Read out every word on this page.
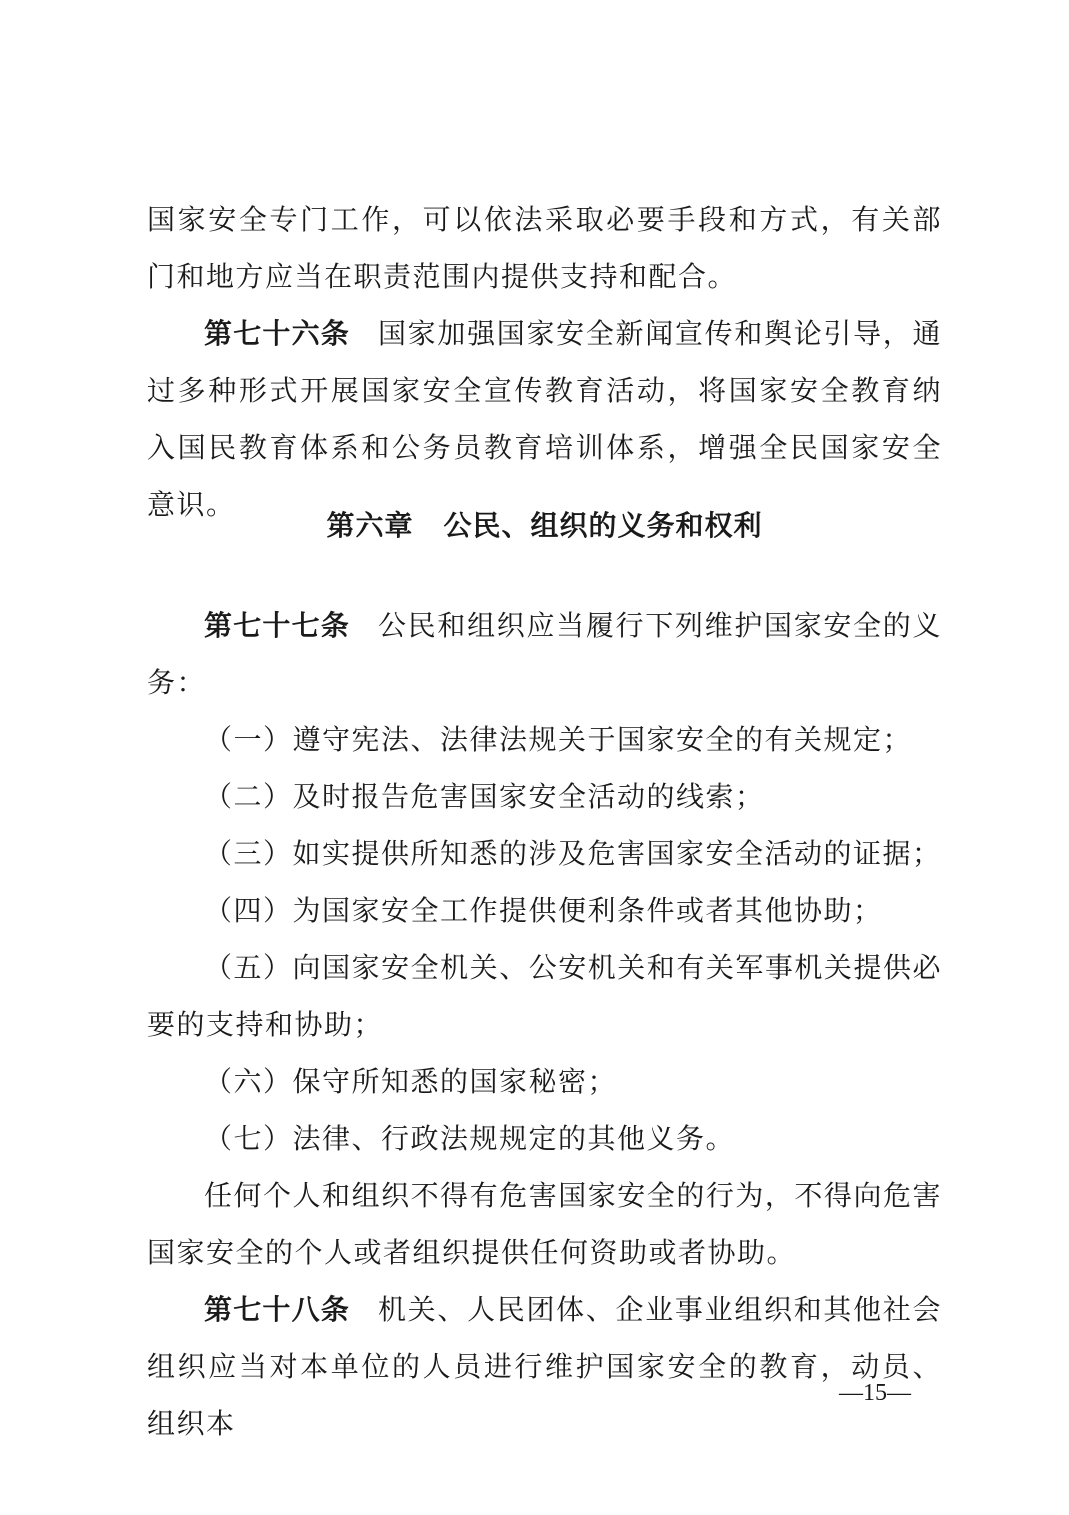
国家安全专门工作，可以依法采取必要手段和方式，有关部门和地方应当在职责范围内提供支持和配合。

第七十六条 国家加强国家安全新闻宣传和舆论引导，通过多种形式开展国家安全宣传教育活动，将国家安全教育纳入国民教育体系和公务员教育培训体系，增强全民国家安全意识。

第六章 公民、组织的义务和权利

第七十七条 公民和组织应当履行下列维护国家安全的义务：

（一）遵守宪法、法律法规关于国家安全的有关规定；

（二）及时报告危害国家安全活动的线索；

（三）如实提供所知悉的涉及危害国家安全活动的证据；

（四）为国家安全工作提供便利条件或者其他协助；

（五）向国家安全机关、公安机关和有关军事机关提供必要的支持和协助；

（六）保守所知悉的国家秘密；

（七）法律、行政法规规定的其他义务。

任何个人和组织不得有危害国家安全的行为，不得向危害国家安全的个人或者组织提供任何资助或者协助。

第七十八条 机关、人民团体、企业事业组织和其他社会组织应当对本单位的人员进行维护国家安全的教育，动员、组织本

—15—
